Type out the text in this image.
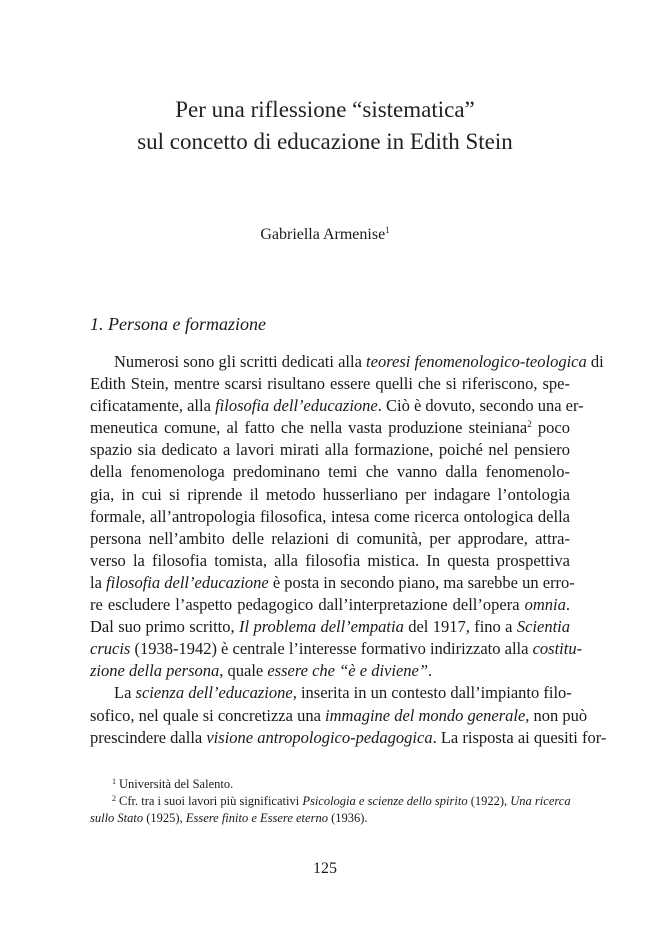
Per una riflessione “sistematica”
sul concetto di educazione in Edith Stein
Gabriella Armenise$^1$
1. Persona e formazione
Numerosi sono gli scritti dedicati alla teoresi fenomenologico-teologica di
Edith Stein, mentre scarsi risultano essere quelli che si riferiscono, spe-
cificatamente, alla filosofia dell’educazione. Ciò è dovuto, secondo una er-
meneutica comune, al fatto che nella vasta produzione steiniana$^2$ poco
spazio sia dedicato a lavori mirati alla formazione, poiché nel pensiero
della fenomenologa predominano temi che vanno dalla fenomenolo-
gia, in cui si riprende il metodo husserliano per indagare l’ontologia
formale, all’antropologia filosofica, intesa come ricerca ontologica della
persona nell’ambito delle relazioni di comunità, per approdare, attra-
verso la filosofia tomista, alla filosofia mistica. In questa prospettiva
la filosofia dell’educazione è posta in secondo piano, ma sarebbe un erro-
re escludere l’aspetto pedagogico dall’interpretazione dell’opera omnia.
Dal suo primo scritto, Il problema dell’empatia del 1917, fino a Scientia
crucis (1938-1942) è centrale l’interesse formativo indirizzato alla costitu-
zione della persona, quale essere che “è e diviene”.
La scienza dell’educazione, inserita in un contesto dall’impianto filo-
sofico, nel quale si concretizza una immagine del mondo generale, non può
prescindere dalla visione antropologico-pedagogica. La risposta ai quesiti for-
$^1$ Università del Salento.
$^2$ Cfr. tra i suoi lavori più significativi Psicologia e scienze dello spirito (1922), Una ricerca
sullo Stato (1925), Essere finito e Essere eterno (1936).
125
